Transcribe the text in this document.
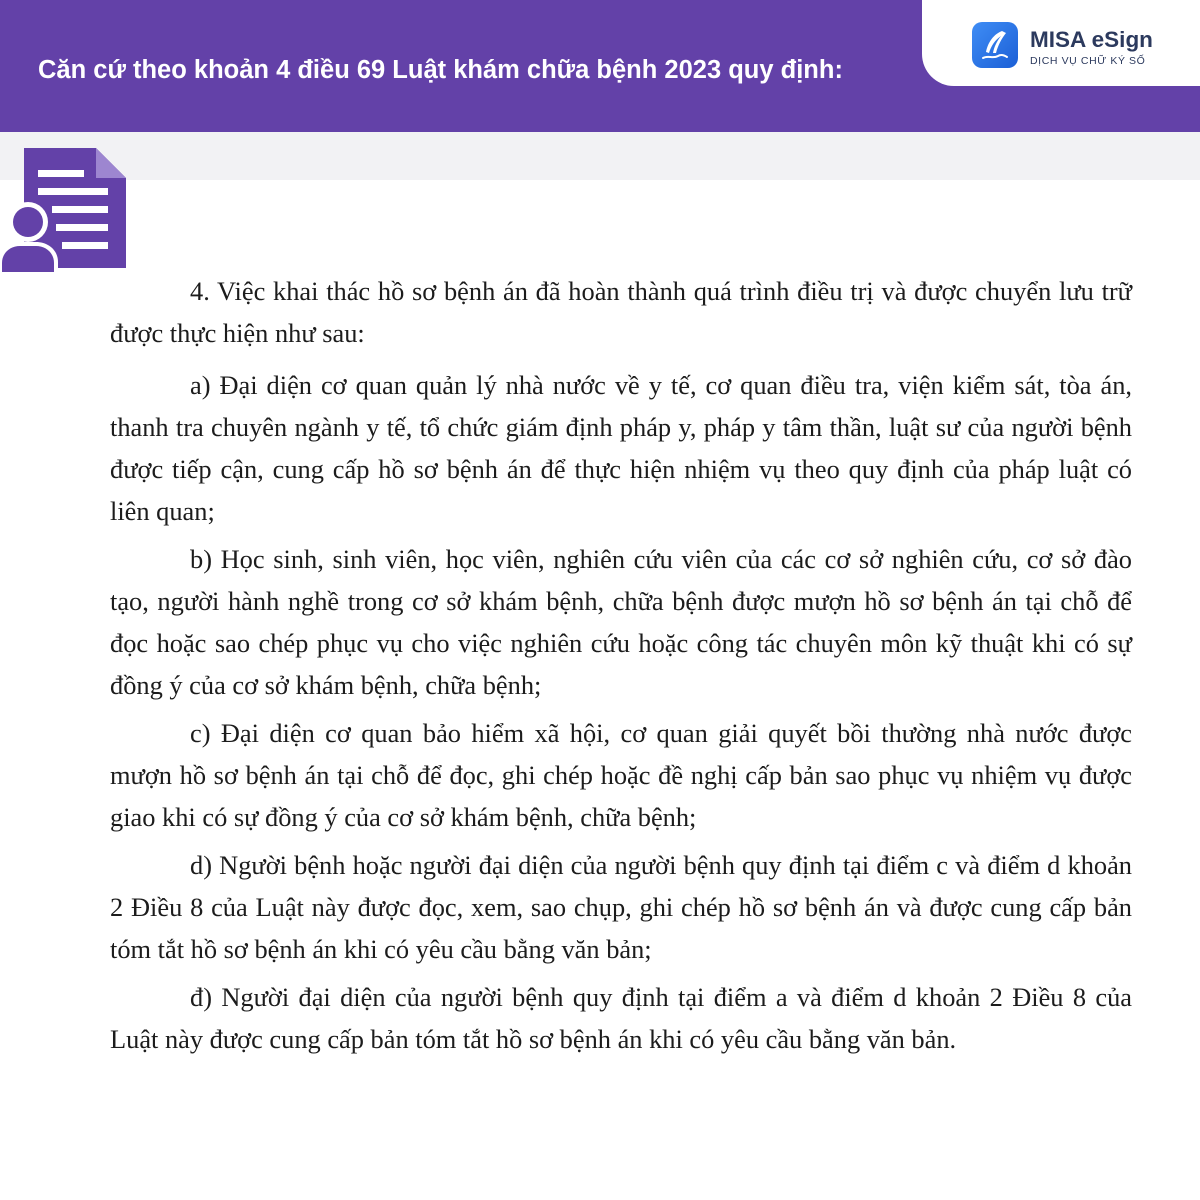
Căn cứ theo khoản 4 điều 69 Luật khám chữa bệnh 2023 quy định:
MISA eSign
DỊCH VỤ CHỮ KÝ SỐ

4. Việc khai thác hồ sơ bệnh án đã hoàn thành quá trình điều trị và được chuyển lưu trữ được thực hiện như sau:

a) Đại diện cơ quan quản lý nhà nước về y tế, cơ quan điều tra, viện kiểm sát, tòa án, thanh tra chuyên ngành y tế, tổ chức giám định pháp y, pháp y tâm thần, luật sư của người bệnh được tiếp cận, cung cấp hồ sơ bệnh án để thực hiện nhiệm vụ theo quy định của pháp luật có liên quan;

b) Học sinh, sinh viên, học viên, nghiên cứu viên của các cơ sở nghiên cứu, cơ sở đào tạo, người hành nghề trong cơ sở khám bệnh, chữa bệnh được mượn hồ sơ bệnh án tại chỗ để đọc hoặc sao chép phục vụ cho việc nghiên cứu hoặc công tác chuyên môn kỹ thuật khi có sự đồng ý của cơ sở khám bệnh, chữa bệnh;

c) Đại diện cơ quan bảo hiểm xã hội, cơ quan giải quyết bồi thường nhà nước được mượn hồ sơ bệnh án tại chỗ để đọc, ghi chép hoặc đề nghị cấp bản sao phục vụ nhiệm vụ được giao khi có sự đồng ý của cơ sở khám bệnh, chữa bệnh;

d) Người bệnh hoặc người đại diện của người bệnh quy định tại điểm c và điểm d khoản 2 Điều 8 của Luật này được đọc, xem, sao chụp, ghi chép hồ sơ bệnh án và được cung cấp bản tóm tắt hồ sơ bệnh án khi có yêu cầu bằng văn bản;

đ) Người đại diện của người bệnh quy định tại điểm a và điểm d khoản 2 Điều 8 của Luật này được cung cấp bản tóm tắt hồ sơ bệnh án khi có yêu cầu bằng văn bản.
